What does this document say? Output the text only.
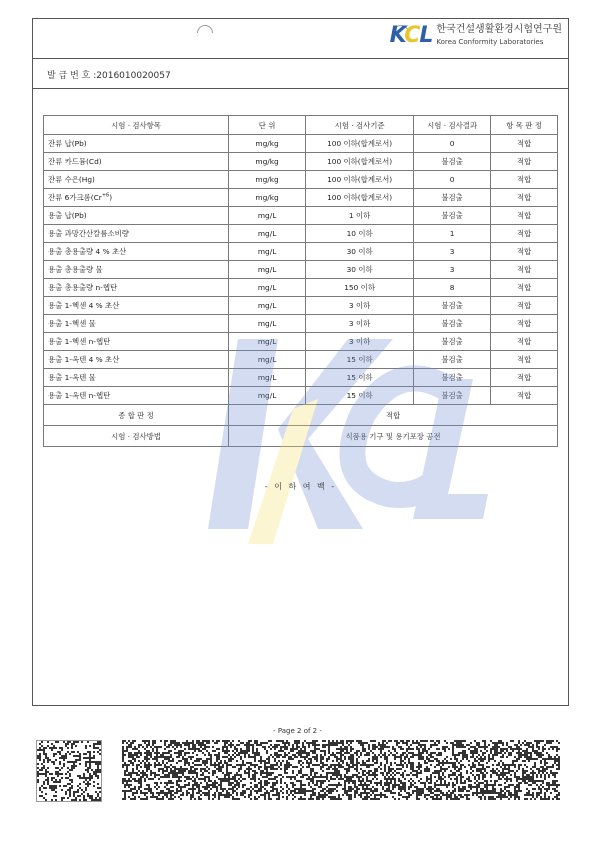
KCL 한국건설생활환경시험연구원
Korea Conformity Laboratories
발 급 번 호 :2016010020057
시험 · 검사항목	단 위	시험 · 검사기준	시험 · 검사결과	항 목 판 정
잔류 납(Pb)	mg/kg	100 이하(합계로서)	0	적합
잔류 카드뮴(Cd)	mg/kg	100 이하(합계로서)	불검출	적합
잔류 수은(Hg)	mg/kg	100 이하(합계로서)	0	적합
잔류 6가크롬$(Cr^{+6})$	mg/kg	100 이하(합계로서)	불검출	적합
용출 납(Pb)	mg/L	1 이하	불검출	적합
용출 과망간산칼륨소비량	mg/L	10 이하	1	적합
용출 총용출량 4 % 초산	mg/L	30 이하	3	적합
용출 총용출량 물	mg/L	30 이하	3	적합
용출 총용출량 n-헵탄	mg/L	150 이하	8	적합
용출 1-헥센 4 % 초산	mg/L	3 이하	불검출	적합
용출 1-헥센 물	mg/L	3 이하	불검출	적합
용출 1-헥센 n-헵탄	mg/L	3 이하	불검출	적합
용출 1-옥텐 4 % 초산	mg/L	15 이하	불검출	적합
용출 1-옥텐 물	mg/L	15 이하	불검출	적합
용출 1-옥텐 n-헵탄	mg/L	15 이하	불검출	적합
종 합 판 정	적합			
시험 · 검사방법	식품용 기구 및 용기포장 공전			
- 이 하 여 백 -
- Page 2 of 2 -
